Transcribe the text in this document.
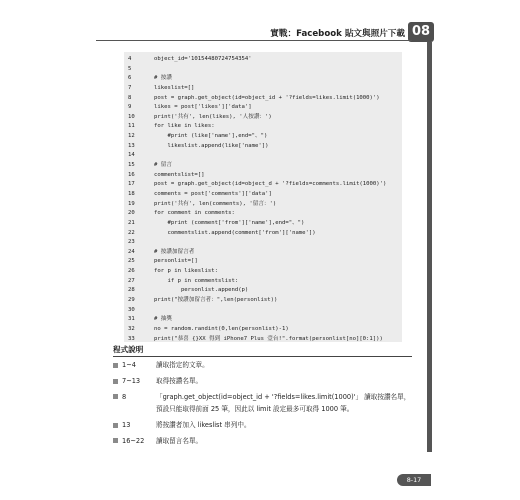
實戰：Facebook 貼文與照片下載 08
4	object_id='10154480724754354'
5
6	# 按讚
7	likeslist=[]
8	post = graph.get_object(id=object_id + '?fields=likes.limit(1000)')
9	likes = post['likes']['data']
10	print('共有', len(likes), '人按讚：')
11	for like in likes:
12	#print (like['name'],end="、")
13	likeslist.append(like['name'])
14
15	# 留言
16	commentslist=[]
17	post = graph.get_object(id=object_d + '?fields=comments.limit(1000)')
18	comments = post['comments']['data']
19	print('共有', len(comments), '留言：')
20	for comment in comments:
21	#print (comment['from']['name'],end="、")
22	commentslist.append(comment['from']['name'])
23
24	# 按讚加留言者
25	personlist=[]
26	for p in likeslist:
27	if p in commentslist:
28	personlist.append(p)
29	print("按讚加留言者：",len(personlist))
30
31	# 抽獎
32	no = random.randint(0,len(personlist)-1)
33	print("恭喜 {}XX 得到 iPhone7 Plus 壹台!".format(personlist[no][0:1]))
程式說明
1~4	讀取指定的文章。
7~13	取得按讚名單。
8	「graph.get_object(id=object_id + '?fields=likes.limit(1000)'」 讀取按讚名單，預設只能取得前面 25 筆，因此以 limit 設定最多可取得 1000 筆。
13	將按讚者加入 likeslist 串列中。
16~22	讀取留言名單。
8-17
